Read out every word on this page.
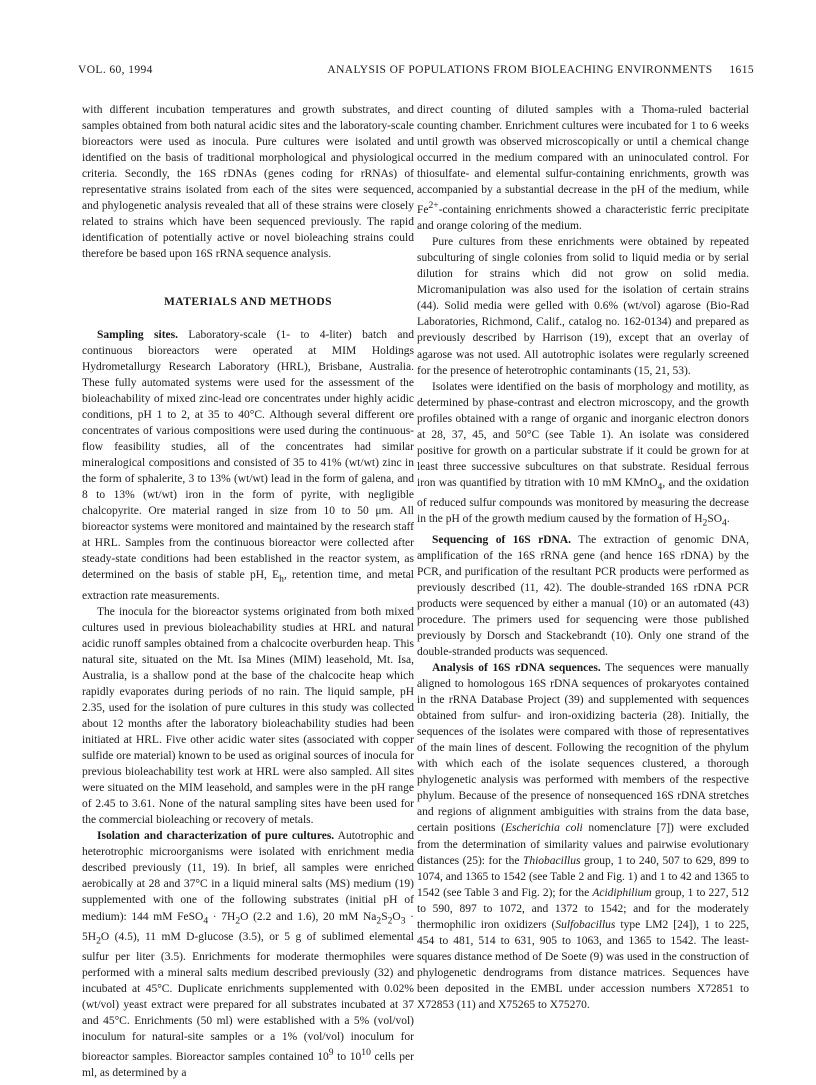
VOL. 60, 1994	ANALYSIS OF POPULATIONS FROM BIOLEACHING ENVIRONMENTS	1615

with different incubation temperatures and growth substrates, and samples obtained from both natural acidic sites and the laboratory-scale bioreactors were used as inocula. Pure cultures were isolated and identified on the basis of traditional morphological and physiological criteria. Secondly, the 16S rDNAs (genes coding for rRNAs) of representative strains isolated from each of the sites were sequenced, and phylogenetic analysis revealed that all of these strains were closely related to strains which have been sequenced previously. The rapid identification of potentially active or novel bioleaching strains could therefore be based upon 16S rRNA sequence analysis.

MATERIALS AND METHODS

Sampling sites. Laboratory-scale (1- to 4-liter) batch and continuous bioreactors were operated at MIM Holdings Hydrometallurgy Research Laboratory (HRL), Brisbane, Australia. These fully automated systems were used for the assessment of the bioleachability of mixed zinc-lead ore concentrates under highly acidic conditions, pH 1 to 2, at 35 to 40°C. Although several different ore concentrates of various compositions were used during the continuous-flow feasibility studies, all of the concentrates had similar mineralogical compositions and consisted of 35 to 41% (wt/wt) zinc in the form of sphalerite, 3 to 13% (wt/wt) lead in the form of galena, and 8 to 13% (wt/wt) iron in the form of pyrite, with negligible chalcopyrite. Ore material ranged in size from 10 to 50 μm. All bioreactor systems were monitored and maintained by the research staff at HRL. Samples from the continuous bioreactor were collected after steady-state conditions had been established in the reactor system, as determined on the basis of stable pH, $E_h$, retention time, and metal extraction rate measurements.

The inocula for the bioreactor systems originated from both mixed cultures used in previous bioleachability studies at HRL and natural acidic runoff samples obtained from a chalcocite overburden heap. This natural site, situated on the Mt. Isa Mines (MIM) leasehold, Mt. Isa, Australia, is a shallow pond at the base of the chalcocite heap which rapidly evaporates during periods of no rain. The liquid sample, pH 2.35, used for the isolation of pure cultures in this study was collected about 12 months after the laboratory bioleachability studies had been initiated at HRL. Five other acidic water sites (associated with copper sulfide ore material) known to be used as original sources of inocula for previous bioleachability test work at HRL were also sampled. All sites were situated on the MIM leasehold, and samples were in the pH range of 2.45 to 3.61. None of the natural sampling sites have been used for the commercial bioleaching or recovery of metals.

Isolation and characterization of pure cultures. Autotrophic and heterotrophic microorganisms were isolated with enrichment media described previously (11, 19). In brief, all samples were enriched aerobically at 28 and 37°C in a liquid mineral salts (MS) medium (19) supplemented with one of the following substrates (initial pH of medium): 144 mM FeSO$_4$ · $7H_2O$ (2.2 and 1.6), 20 mM $Na_2S_2O_3 \cdot 5H_2O$ (4.5), 11 mM D-glucose (3.5), or 5 g of sublimed elemental sulfur per liter (3.5). Enrichments for moderate thermophiles were performed with a mineral salts medium described previously (32) and incubated at 45°C. Duplicate enrichments supplemented with 0.02% (wt/vol) yeast extract were prepared for all substrates incubated at 37 and 45°C. Enrichments (50 ml) were established with a 5% (vol/vol) inoculum for natural-site samples or a 1% (vol/vol) inoculum for bioreactor samples. Bioreactor samples contained $10^9$ to $10^{10}$ cells per ml, as determined by a

direct counting of diluted samples with a Thoma-ruled bacterial counting chamber. Enrichment cultures were incubated for 1 to 6 weeks until growth was observed microscopically or until a chemical change occurred in the medium compared with an uninoculated control. For thiosulfate- and elemental sulfur-containing enrichments, growth was accompanied by a substantial decrease in the pH of the medium, while $Fe^{2+}$-containing enrichments showed a characteristic ferric precipitate and orange coloring of the medium.

Pure cultures from these enrichments were obtained by repeated subculturing of single colonies from solid to liquid media or by serial dilution for strains which did not grow on solid media. Micromanipulation was also used for the isolation of certain strains (44). Solid media were gelled with 0.6% (wt/vol) agarose (Bio-Rad Laboratories, Richmond, Calif., catalog no. 162-0134) and prepared as previously described by Harrison (19), except that an overlay of agarose was not used. All autotrophic isolates were regularly screened for the presence of heterotrophic contaminants (15, 21, 53).

Isolates were identified on the basis of morphology and motility, as determined by phase-contrast and electron microscopy, and the growth profiles obtained with a range of organic and inorganic electron donors at 28, 37, 45, and 50°C (see Table 1). An isolate was considered positive for growth on a particular substrate if it could be grown for at least three successive subcultures on that substrate. Residual ferrous iron was quantified by titration with 10 mM KMnO$_4$, and the oxidation of reduced sulfur compounds was monitored by measuring the decrease in the pH of the growth medium caused by the formation of $H_2SO_4$.

Sequencing of 16S rDNA. The extraction of genomic DNA, amplification of the 16S rRNA gene (and hence 16S rDNA) by the PCR, and purification of the resultant PCR products were performed as previously described (11, 42). The double-stranded 16S rDNA PCR products were sequenced by either a manual (10) or an automated (43) procedure. The primers used for sequencing were those published previously by Dorsch and Stackebrandt (10). Only one strand of the double-stranded products was sequenced.

Analysis of 16S rDNA sequences. The sequences were manually aligned to homologous 16S rDNA sequences of prokaryotes contained in the rRNA Database Project (39) and supplemented with sequences obtained from sulfur- and iron-oxidizing bacteria (28). Initially, the sequences of the isolates were compared with those of representatives of the main lines of descent. Following the recognition of the phylum with which each of the isolate sequences clustered, a thorough phylogenetic analysis was performed with members of the respective phylum. Because of the presence of nonsequenced 16S rDNA stretches and regions of alignment ambiguities with strains from the data base, certain positions (Escherichia coli nomenclature [7]) were excluded from the determination of similarity values and pairwise evolutionary distances (25): for the Thiobacillus group, 1 to 240, 507 to 629, 899 to 1074, and 1365 to 1542 (see Table 2 and Fig. 1) and 1 to 42 and 1365 to 1542 (see Table 3 and Fig. 2); for the Acidiphilium group, 1 to 227, 512 to 590, 897 to 1072, and 1372 to 1542; and for the moderately thermophilic iron oxidizers (Sulfobacillus type LM2 [24]), 1 to 225, 454 to 481, 514 to 631, 905 to 1063, and 1365 to 1542. The least-squares distance method of De Soete (9) was used in the construction of phylogenetic dendrograms from distance matrices. Sequences have been deposited in the EMBL under accession numbers X72851 to X72853 (11) and X75265 to X75270.
